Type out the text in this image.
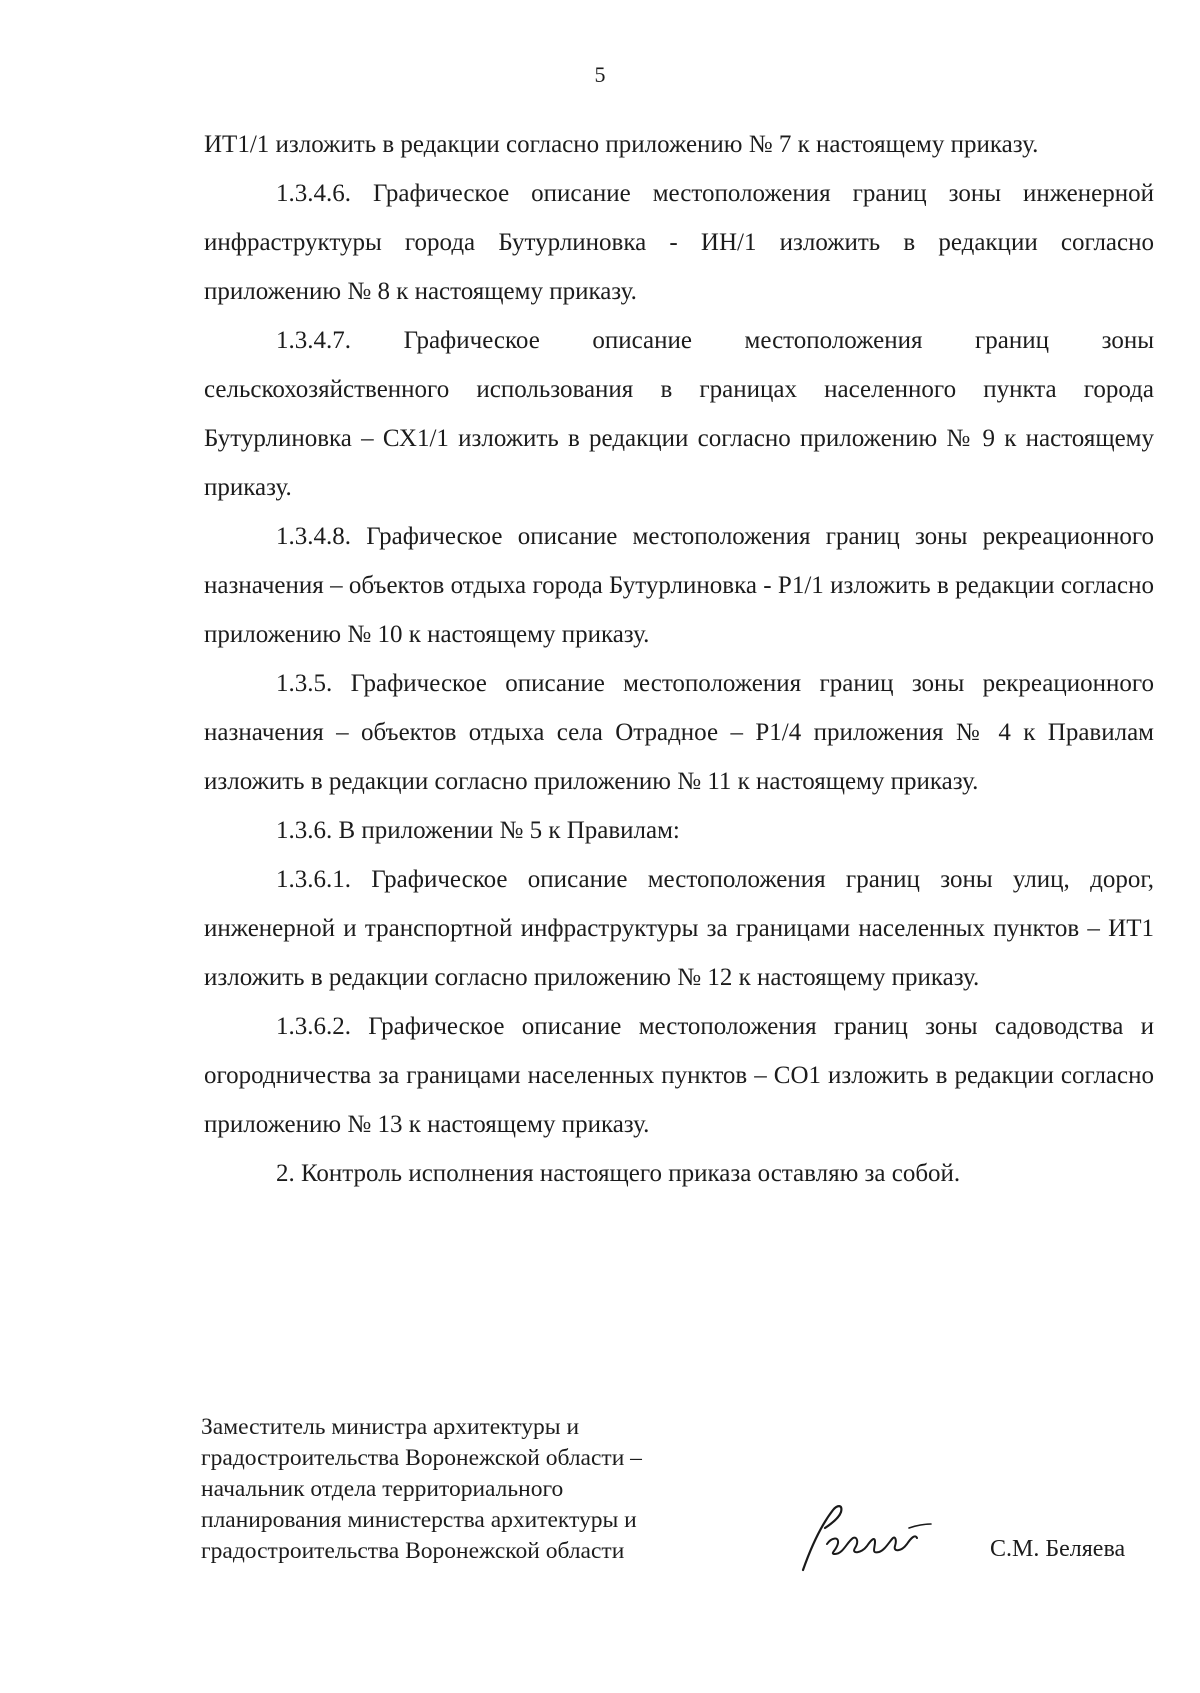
5

ИТ1/1 изложить в редакции согласно приложению № 7 к настоящему приказу.

1.3.4.6. Графическое описание местоположения границ зоны инженерной инфраструктуры города Бутурлиновка - ИН/1 изложить в редакции согласно приложению № 8 к настоящему приказу.

1.3.4.7. Графическое описание местоположения границ зоны сельскохозяйственного использования в границах населенного пункта города Бутурлиновка – СХ1/1 изложить в редакции согласно приложению № 9 к настоящему приказу.

1.3.4.8. Графическое описание местоположения границ зоны рекреационного назначения – объектов отдыха города Бутурлиновка - Р1/1 изложить в редакции согласно приложению № 10 к настоящему приказу.

1.3.5. Графическое описание местоположения границ зоны рекреационного назначения – объектов отдыха села Отрадное – Р1/4 приложения № 4 к Правилам изложить в редакции согласно приложению № 11 к настоящему приказу.

1.3.6. В приложении № 5 к Правилам:

1.3.6.1. Графическое описание местоположения границ зоны улиц, дорог, инженерной и транспортной инфраструктуры за границами населенных пунктов – ИТ1 изложить в редакции согласно приложению № 12 к настоящему приказу.

1.3.6.2. Графическое описание местоположения границ зоны садоводства и огородничества за границами населенных пунктов – СО1 изложить в редакции согласно приложению № 13 к настоящему приказу.

2. Контроль исполнения настоящего приказа оставляю за собой.

Заместитель министра архитектуры и
градостроительства Воронежской области –
начальник отдела территориального
планирования министерства архитектуры и
градостроительства Воронежской области	С.М. Беляева
